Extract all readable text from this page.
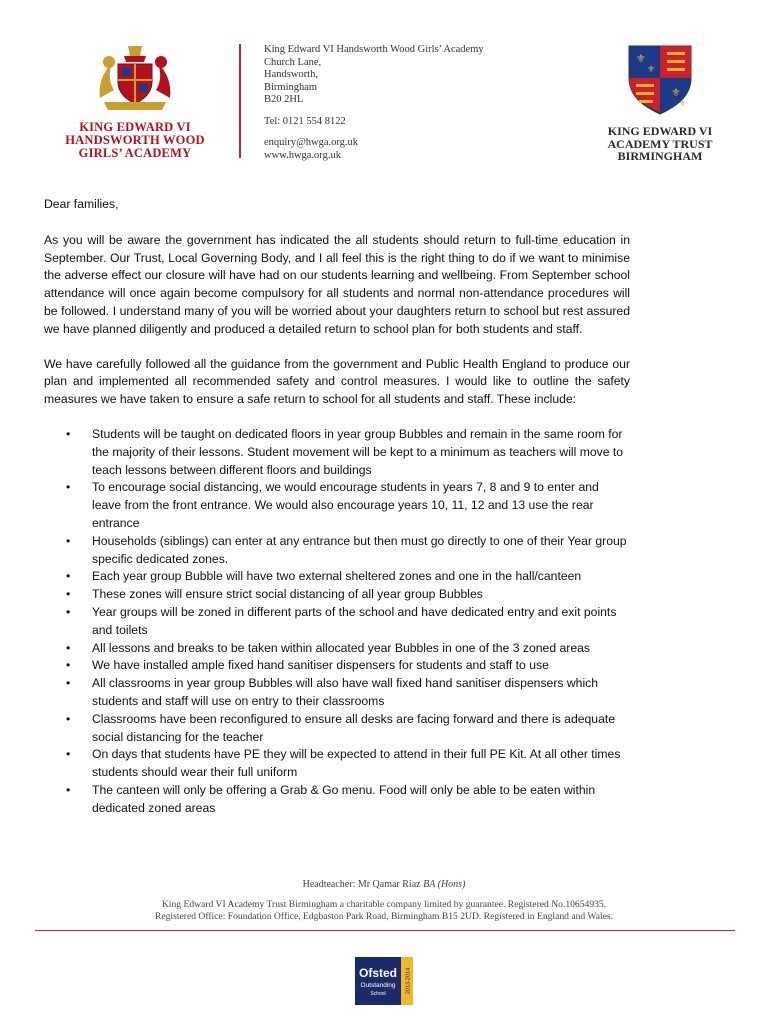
KING EDWARD VI
HANDSWORTH WOOD
GIRLS’ ACADEMY
King Edward VI Handsworth Wood Girls’ Academy
Church Lane,
Handsworth,
Birmingham
B20 2HL
Tel: 0121 554 8122
enquiry@hwga.org.uk
www.hwga.org.uk
⚜
⚜
⚜
⚜
KING EDWARD VI
ACADEMY TRUST
BIRMINGHAM

Dear families,

As you will be aware the government has indicated the all students should return to full-time education in September. Our Trust, Local Governing Body, and I all feel this is the right thing to do if we want to minimise the adverse effect our closure will have had on our students learning and wellbeing. From September school attendance will once again become compulsory for all students and normal non-attendance procedures will be followed. I understand many of you will be worried about your daughters return to school but rest assured we have planned diligently and produced a detailed return to school plan for both students and staff.

We have carefully followed all the guidance from the government and Public Health England to produce our plan and implemented all recommended safety and control measures. I would like to outline the safety measures we have taken to ensure a safe return to school for all students and staff. These include:

• Students will be taught on dedicated floors in year group Bubbles and remain in the same room for the majority of their lessons. Student movement will be kept to a minimum as teachers will move to teach lessons between different floors and buildings
• To encourage social distancing, we would encourage students in years 7, 8 and 9 to enter and leave from the front entrance. We would also encourage years 10, 11, 12 and 13 use the rear entrance
• Households (siblings) can enter at any entrance but then must go directly to one of their Year group specific dedicated zones.
• Each year group Bubble will have two external sheltered zones and one in the hall/canteen
• These zones will ensure strict social distancing of all year group Bubbles
• Year groups will be zoned in different parts of the school and have dedicated entry and exit points and toilets
• All lessons and breaks to be taken within allocated year Bubbles in one of the 3 zoned areas
• We have installed ample fixed hand sanitiser dispensers for students and staff to use
• All classrooms in year group Bubbles will also have wall fixed hand sanitiser dispensers which students and staff will use on entry to their classrooms
• Classrooms have been reconfigured to ensure all desks are facing forward and there is adequate social distancing for the teacher
• On days that students have PE they will be expected to attend in their full PE Kit. At all other times students should wear their full uniform
• The canteen will only be offering a Grab & Go menu. Food will only be able to be eaten within dedicated zoned areas
Headteacher: Mr Qamar Riaz BA (Hons)
King Edward VI Academy Trust Birmingham a charitable company limited by guarantee. Registered No.10654935.
Registered Office: Foundation Office, Edgbaston Park Road, Birmingham B15 2UD. Registered in England and Wales.
Ofsted
Outstanding
School	2013-2014
